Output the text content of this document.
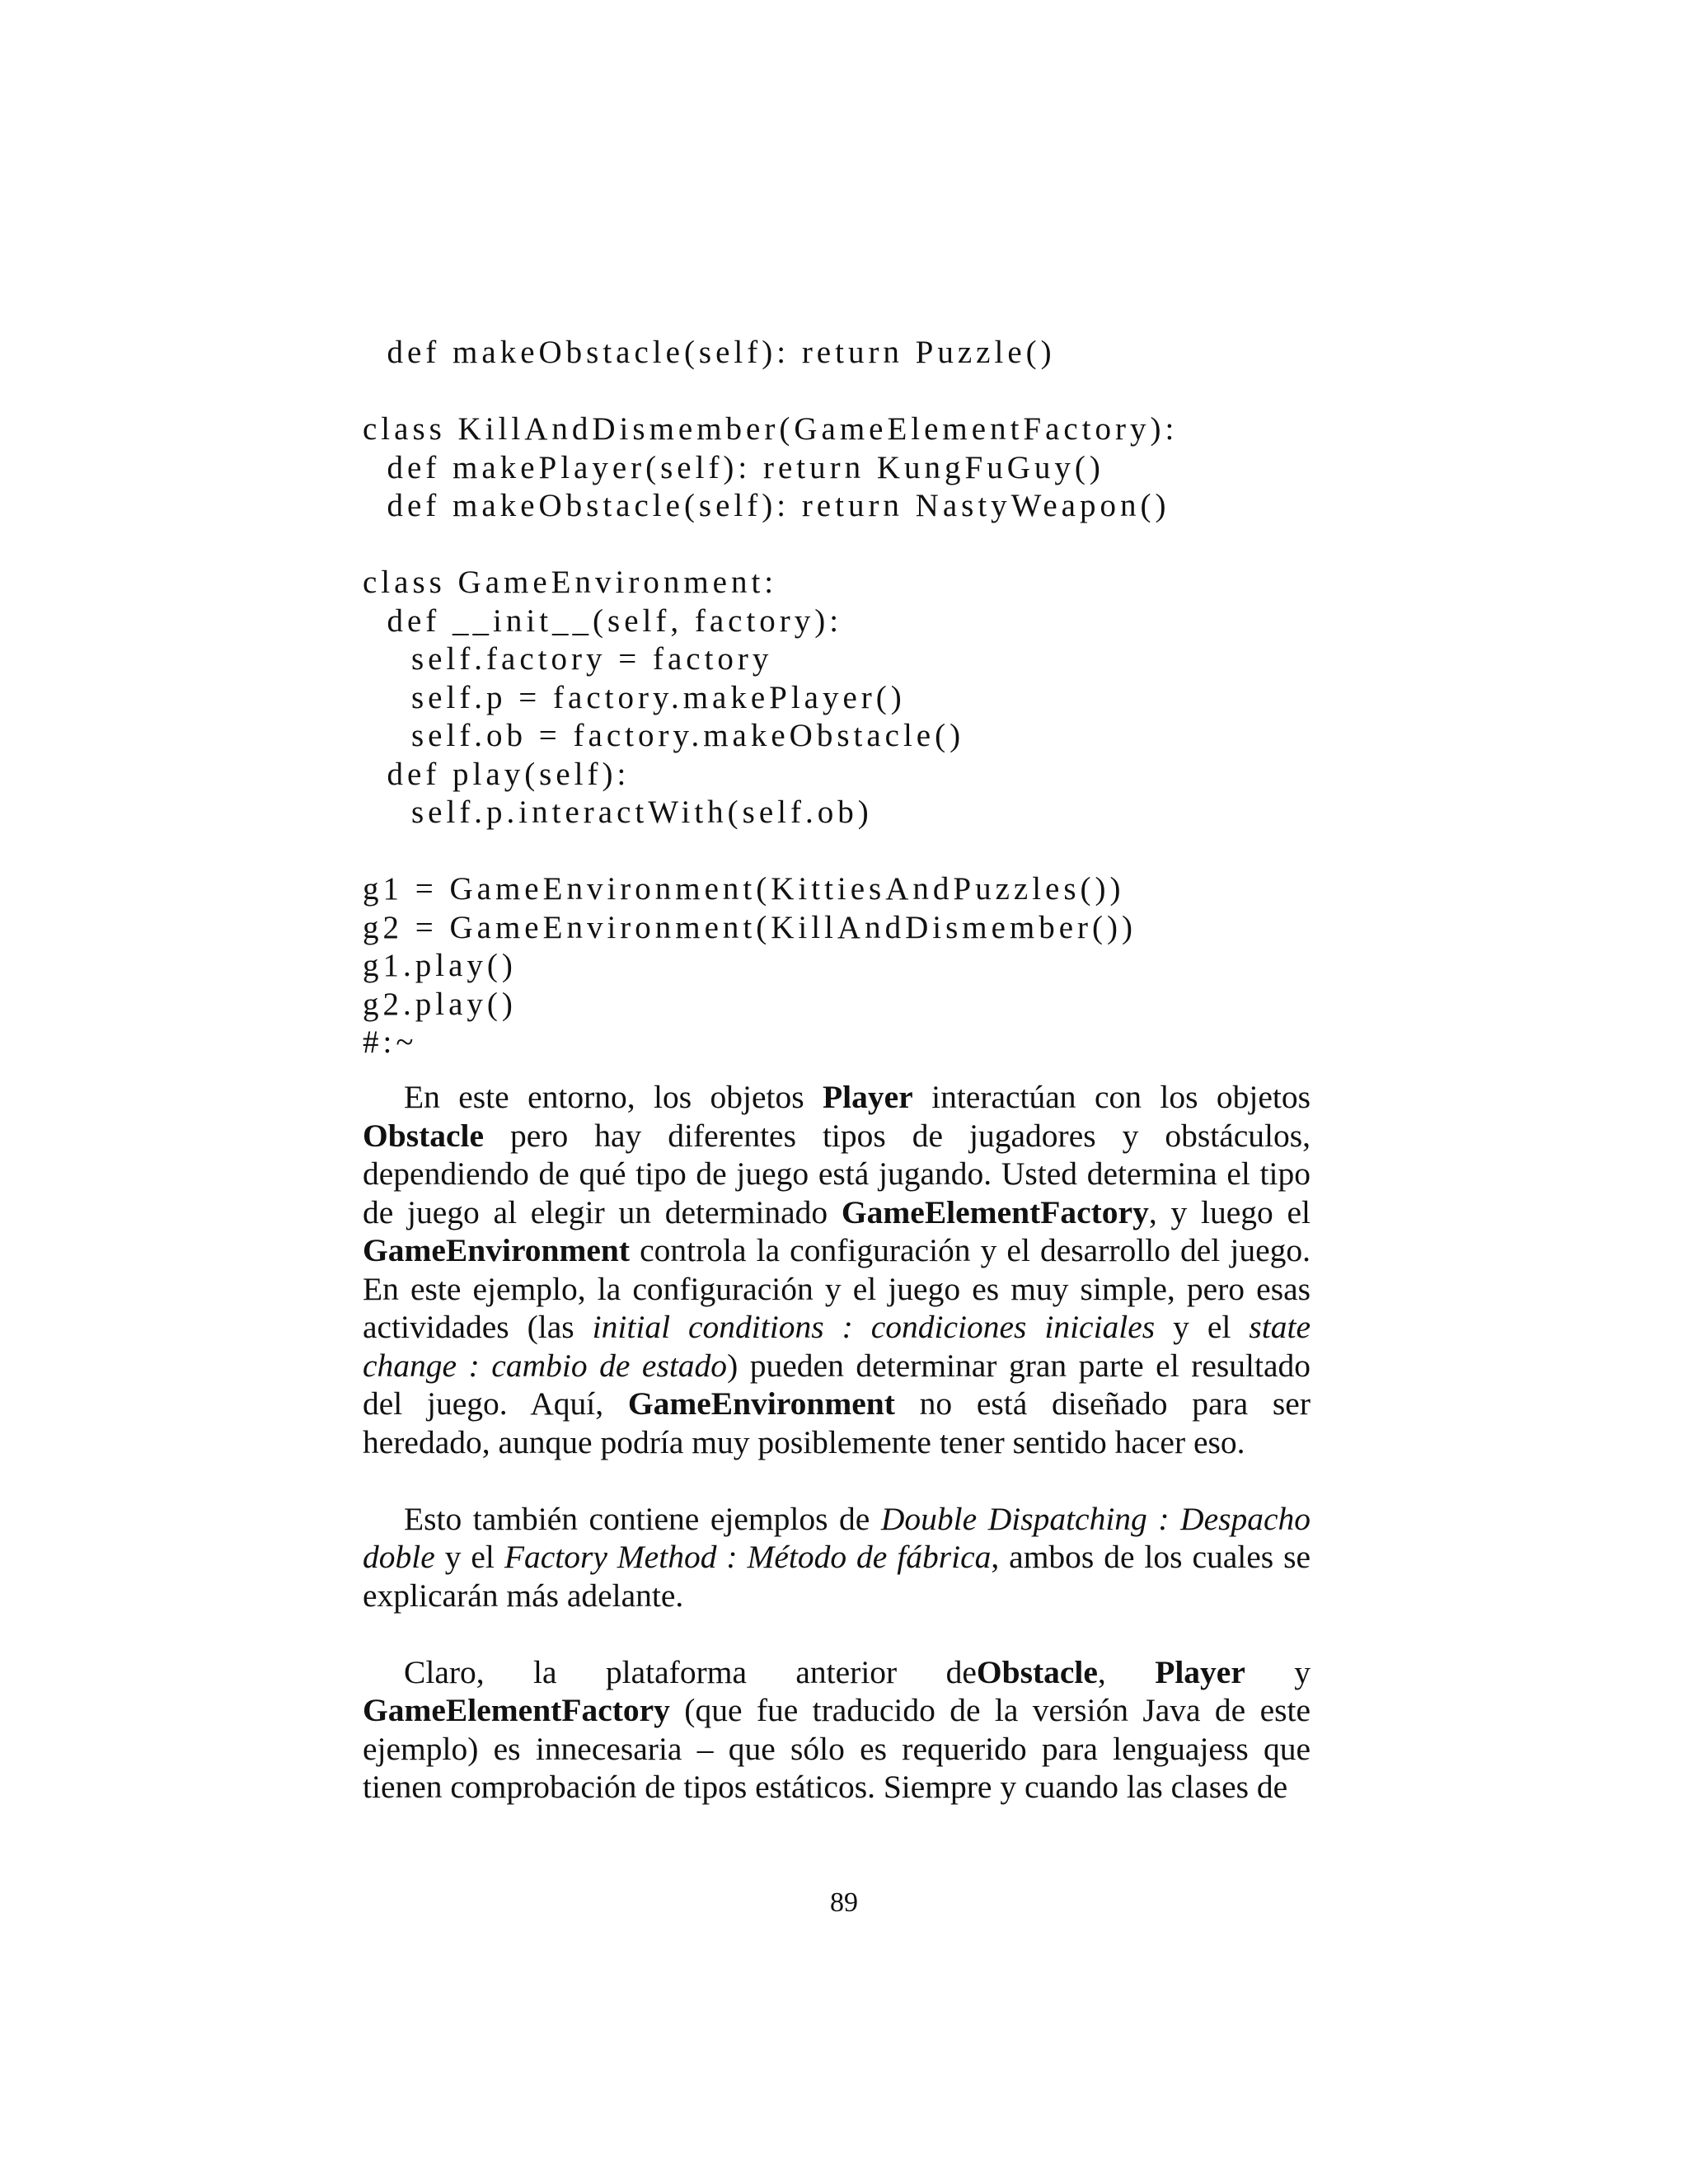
def makeObstacle(self): return Puzzle()
class KillAndDismember(GameElementFactory):
def makePlayer(self): return KungFuGuy()
def makeObstacle(self): return NastyWeapon()
class GameEnvironment:
def __init__(self, factory):
self.factory = factory
self.p = factory.makePlayer()
self.ob = factory.makeObstacle()
def play(self):
self.p.interactWith(self.ob)
g1 = GameEnvironment(KittiesAndPuzzles())
g2 = GameEnvironment(KillAndDismember())
g1.play()
g2.play()
#:~

En este entorno, los objetos Player interactúan con los objetos Obstacle pero hay diferentes tipos de jugadores y obstáculos, dependiendo de qué tipo de juego está jugando. Usted determina el tipo de juego al elegir un determinado GameElementFactory, y luego el GameEnvironment controla la configuración y el desarrollo del juego. En este ejemplo, la configuración y el juego es muy simple, pero esas actividades (las initial conditions : condiciones iniciales y el state change : cambio de estado) pueden determinar gran parte el resultado del juego. Aquí, GameEnvironment no está diseñado para ser heredado, aunque podría muy posiblemente tener sentido hacer eso.

Esto también contiene ejemplos de Double Dispatching : Despacho doble y el Factory Method : Método de fábrica, ambos de los cuales se explicarán más adelante.

Claro, la plataforma anterior deObstacle, Player y GameElementFactory (que fue traducido de la versión Java de este ejemplo) es innecesaria – que sólo es requerido para lenguajess que tienen comprobación de tipos estáticos. Siempre y cuando las clases de

89
